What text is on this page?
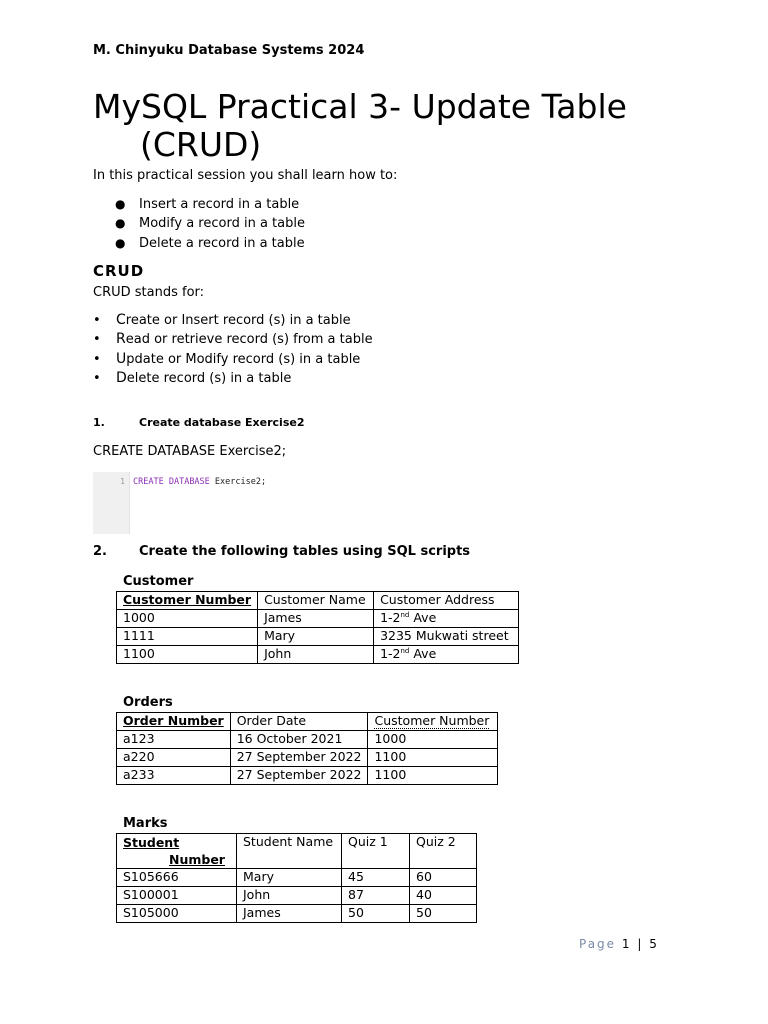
M. Chinyuku Database Systems 2024
MySQL Practical 3- Update Table
(CRUD)
In this practical session you shall learn how to:
● Insert a record in a table
● Modify a record in a table
● Delete a record in a table
CRUD
CRUD stands for:
• Create or Insert record (s) in a table
• Read or retrieve record (s) from a table
• Update or Modify record (s) in a table
• Delete record (s) in a table
1.	Create database Exercise2
CREATE DATABASE Exercise2;
1 CREATE DATABASE Exercise2;
2. Create the following tables using SQL scripts
Customer
Customer Number	Customer Name	Customer Address
1000	James	1-2nd Ave
1111	Mary	3235 Mukwati street
1100	John	1-2nd Ave
Orders
Order Number	Order Date	Customer Number
a123	16 October 2021	1000
a220	27 September 2022	1100
a233	27 September 2022	1100
Marks
Student
Number	Student Name	Quiz 1	Quiz 2
S105666	Mary	45	60
S100001	John	87	40
S105000	James	50	50
Page 1 | 5
